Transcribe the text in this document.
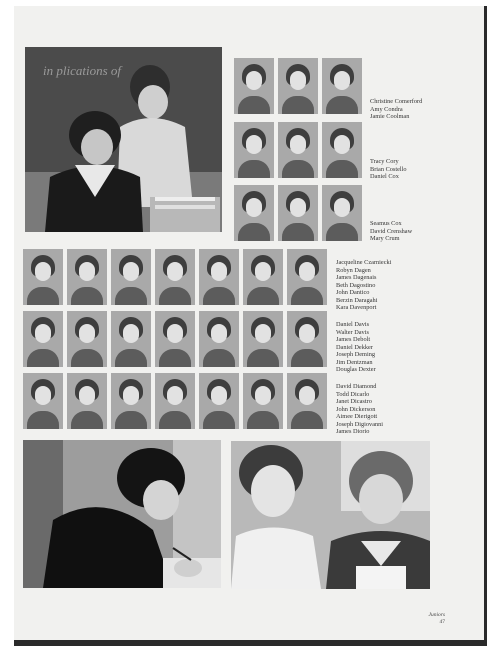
in plications of
Christine Comerford
Amy Condra
Jamie Coolman
Tracy Cory
Brian Costello
Daniel Cox
Seamus Cox
David Crenshaw
Mary Crum
Jacqueline Czarniecki
Robyn Dagen
James Dagenais
Beth Dagostino
John Dantico
Berzin Daragahi
Kara Davenport
Daniel Davis
Walter Davis
James Debolt
Daniel Dekker
Joseph Deming
Jim Dentzman
Douglas Dexter
David Diamond
Todd Dicarlo
Janet Dicastro
John Dickerson
Aimee Dierigott
Joseph Digiovanni
James Diorio
Juniors
47
